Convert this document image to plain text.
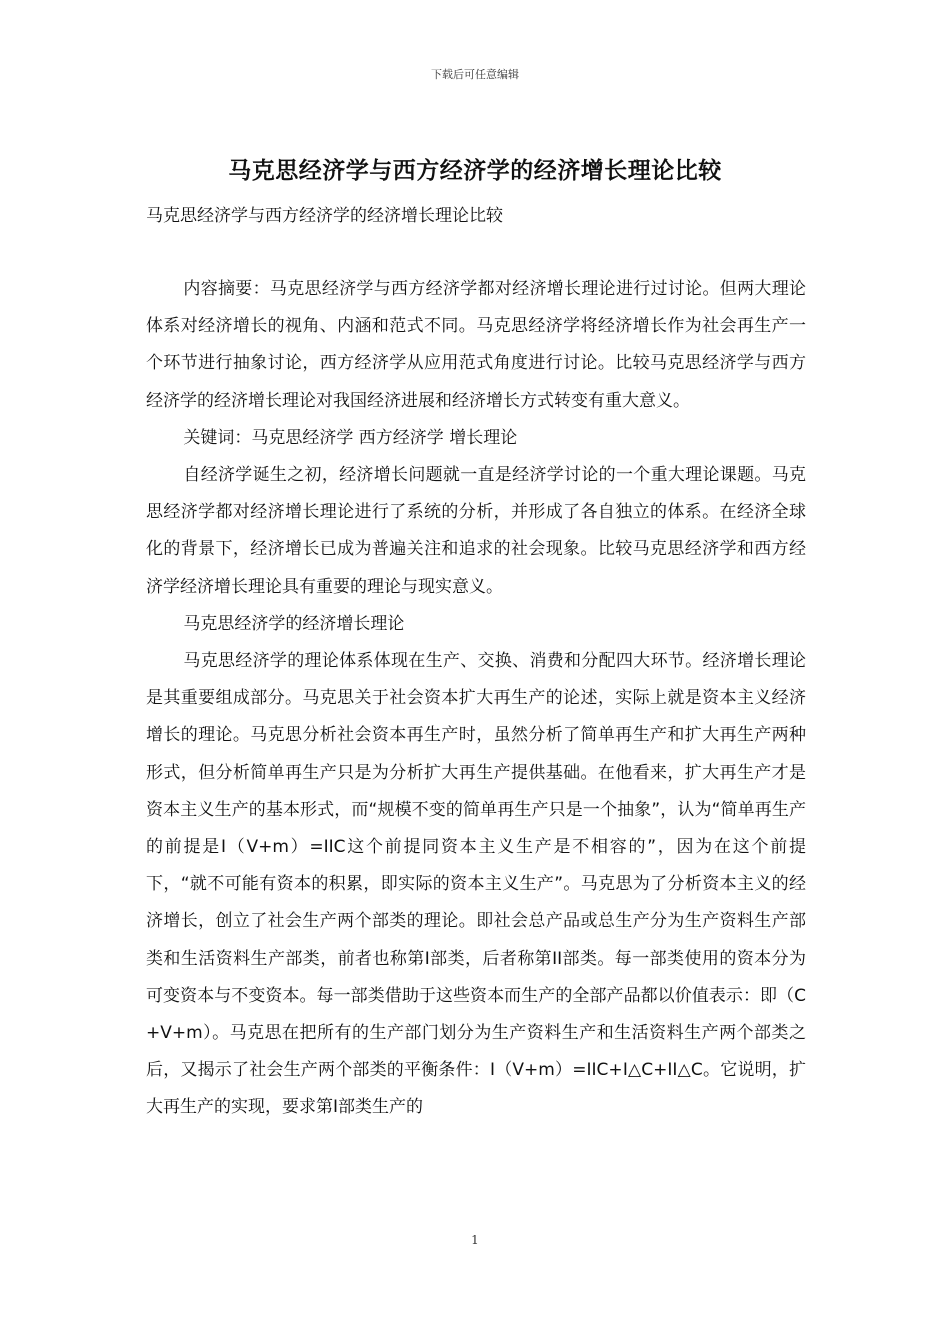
下载后可任意编辑
马克思经济学与西方经济学的经济增长理论比较
马克思经济学与西方经济学的经济增长理论比较

内容摘要：马克思经济学与西方经济学都对经济增长理论进行过讨论。但两大理论体系对经济增长的视角、内涵和范式不同。马克思经济学将经济增长作为社会再生产一个环节进行抽象讨论，西方经济学从应用范式角度进行讨论。比较马克思经济学与西方经济学的经济增长理论对我国经济进展和经济增长方式转变有重大意义。

关键词：马克思经济学 西方经济学 增长理论

自经济学诞生之初，经济增长问题就一直是经济学讨论的一个重大理论课题。马克思经济学都对经济增长理论进行了系统的分析，并形成了各自独立的体系。在经济全球化的背景下，经济增长已成为普遍关注和追求的社会现象。比较马克思经济学和西方经济学经济增长理论具有重要的理论与现实意义。

马克思经济学的经济增长理论

马克思经济学的理论体系体现在生产、交换、消费和分配四大环节。经济增长理论是其重要组成部分。马克思关于社会资本扩大再生产的论述，实际上就是资本主义经济增长的理论。马克思分析社会资本再生产时，虽然分析了简单再生产和扩大再生产两种形式，但分析简单再生产只是为分析扩大再生产提供基础。在他看来，扩大再生产才是资本主义生产的基本形式，而“规模不变的简单再生产只是一个抽象”，认为“简单再生产的前提是Ⅰ（V+m）=IIC这个前提同资本主义生产是不相容的”，因为在这个前提下，“就不可能有资本的积累，即实际的资本主义生产”。马克思为了分析资本主义的经济增长，创立了社会生产两个部类的理论。即社会总产品或总生产分为生产资料生产部类和生活资料生产部类，前者也称第Ⅰ部类，后者称第II部类。每一部类使用的资本分为可变资本与不变资本。每一部类借助于这些资本而生产的全部产品都以价值表示：即（C+V+m）。马克思在把所有的生产部门划分为生产资料生产和生活资料生产两个部类之后，又揭示了社会生产两个部类的平衡条件：Ⅰ（V+m）=IIC+Ⅰ△C+II△C。它说明，扩大再生产的实现，要求第Ⅰ部类生产的

1
